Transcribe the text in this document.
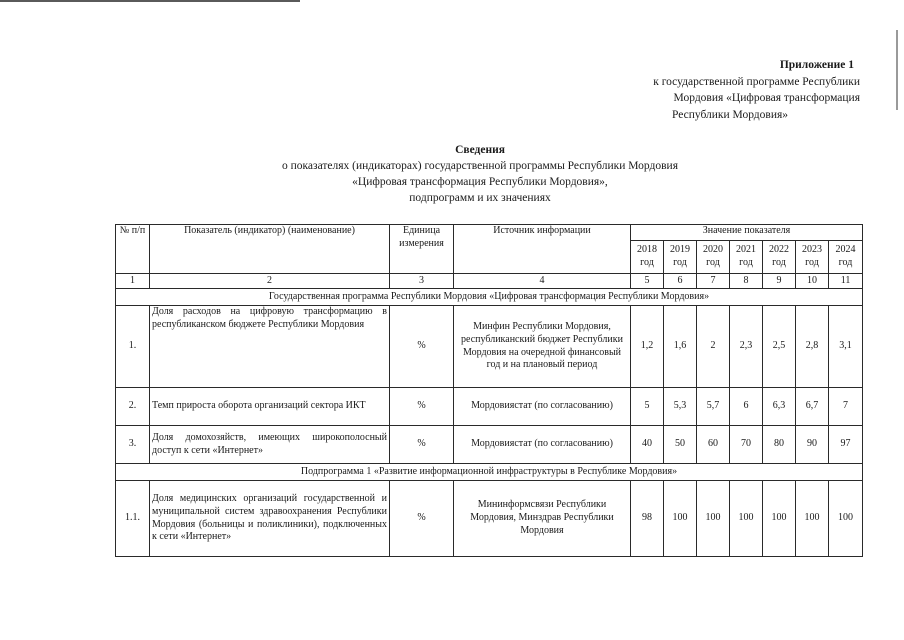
Приложение 1
к государственной программе Республики
Мордовия «Цифровая трансформация
Республики Мордовия»
Сведения
о показателях (индикаторах) государственной программы Республики Мордовия
«Цифровая трансформация Республики Мордовия»,
подпрограмм и их значениях
№ п/п	Показатель (индикатор) (наименование)	Единица измерения	Источник информации	Значение показателя						
				2018 год	2019 год	2020 год	2021 год	2022 год	2023 год	2024 год
1	2	3	4	5	6	7	8	9	10	11
Государственная программа Республики Мордовия «Цифровая трансформация Республики Мордовия»										
1.	Доля расходов на цифровую трансформацию в республиканском бюджете Республики Мордовия	%	Минфин Республики Мордовия, республиканский бюджет Республики Мордовия на очередной финансовый год и на плановый период	1,2	1,6	2	2,3	2,5	2,8	3,1
2.	Темп прироста оборота организаций сектора ИКТ	%	Мордовиястат (по согласованию)	5	5,3	5,7	6	6,3	6,7	7
3.	Доля домохозяйств, имеющих широкополосный доступ к сети «Интернет»	%	Мордовиястат (по согласованию)	40	50	60	70	80	90	97
Подпрограмма 1 «Развитие информационной инфраструктуры в Республике Мордовия»										
1.1.	Доля медицинских организаций государственной и муниципальной систем здравоохранения Республики Мордовия (больницы и поликлиники), подключенных к сети «Интернет»	%	Мининформсвязи Республики Мордовия, Минздрав Республики Мордовия	98	100	100	100	100	100	100
